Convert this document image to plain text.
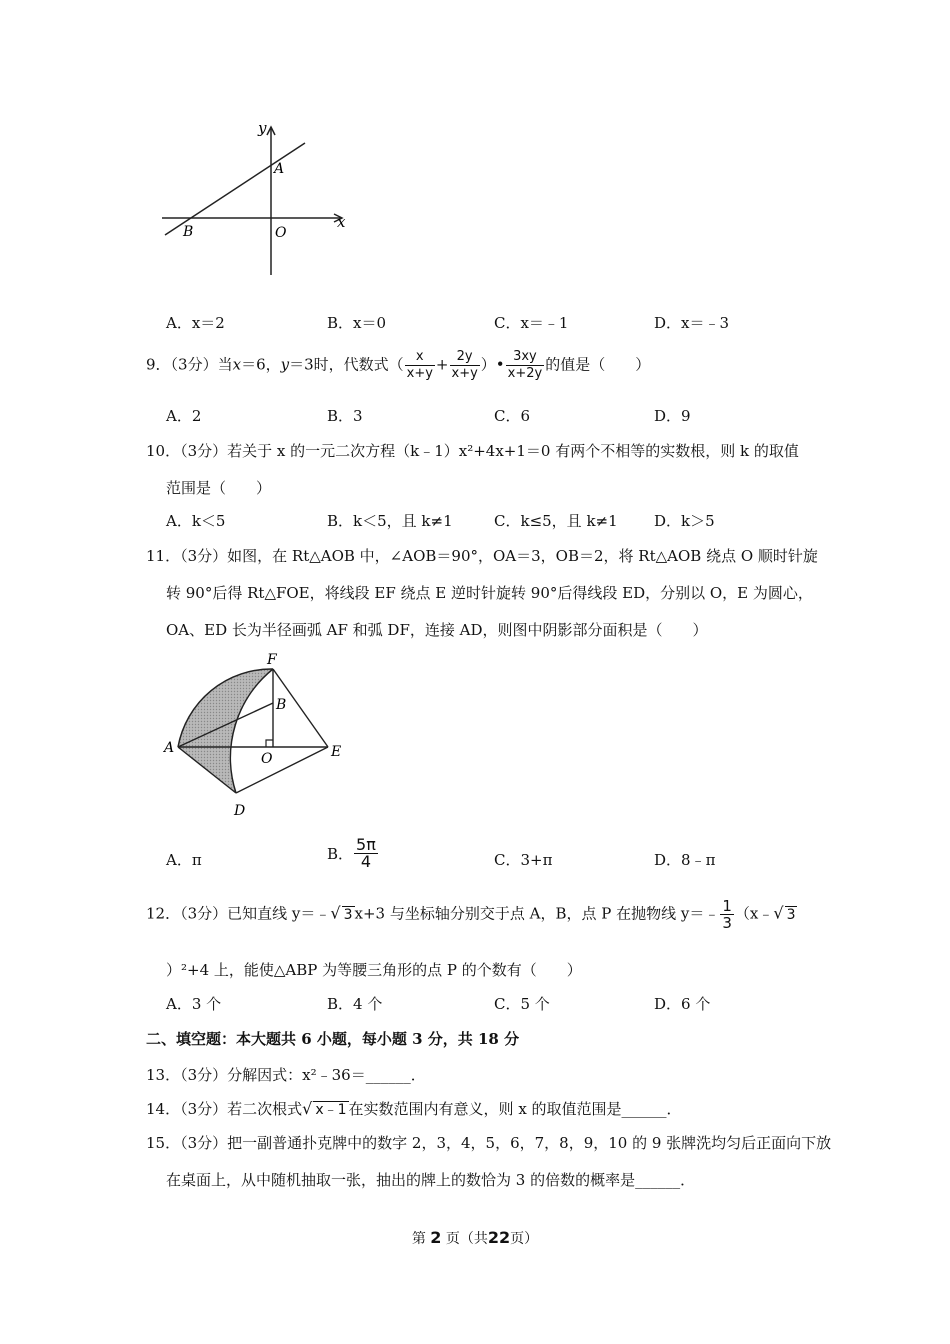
y
x
A
B	O
A．x＝2	B．x＝0	C．x＝﹣1	D．x＝﹣3
9．（3分）当x＝6，y＝3时，代数式（ $\frac{x}{x+y} + \frac{2y}{x+y}$ ）• $\frac{3xy}{x+2y}$ 的值是（　　）
A．2	B．3	C．6	D．9
10．（3分）若关于 x 的一元二次方程（k﹣1）x²+4x+1＝0 有两个不相等的实数根，则 k 的取值
范围是（　　）
A．k＜5	B．k＜5，且 k≠1	C．k≤5，且 k≠1 D．k＞5
11．（3分）如图，在 Rt△AOB 中，∠AOB＝90°，OA＝3，OB＝2，将 Rt△AOB 绕点 O 顺时针旋
转 90°后得 Rt△FOE，将线段 EF 绕点 E 逆时针旋转 90°后得线段 ED，分别以 O，E 为圆心，
OA、ED 长为半径画弧 AF 和弧 DF，连接 AD，则图中阴影部分面积是（　　）
F
B
A
O	E
D
A．π	B． $\frac{5\pi}{4}$	C．3+π	D．8﹣π
12．（3分）已知直线 y＝﹣√ 3 x+3 与坐标轴分别交于点 A，B，点 P 在抛物线 y＝﹣ $\frac{1}{3}$ （x﹣√ 3
）²+4 上，能使△ABP 为等腰三角形的点 P 的个数有（　　）
A．3 个	B．4 个	C．5 个	D．6 个
二、填空题：本大题共 6 小题，每小题 3 分，共 18 分
13．（3分）分解因式：x²﹣36＝______．
14．（3分）若二次根式√ x﹣1 在实数范围内有意义，则 x 的取值范围是______．
15．（3分）把一副普通扑克牌中的数字 2，3，4，5，6，7，8，9，10 的 9 张牌洗均匀后正面向下放
在桌面上，从中随机抽取一张，抽出的牌上的数恰为 3 的倍数的概率是______．
第 2 页（共22页）
